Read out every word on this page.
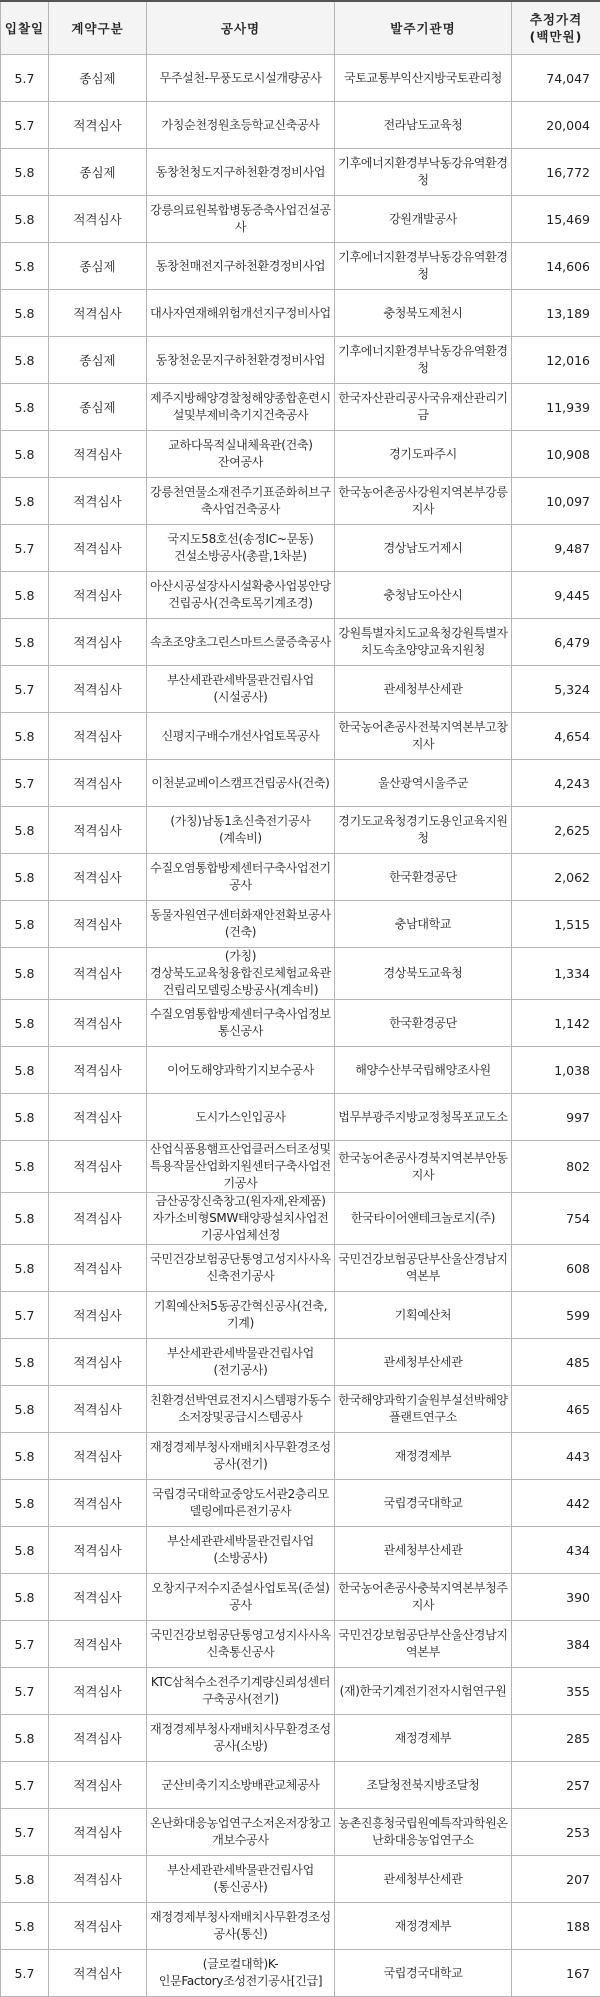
입찰일	계약구분	공사명	발주기관명	추정가격
(백만원)
5.7	종심제	무주설천-무풍도로시설개량공사	국토교통부익산지방국토관리청	74,047
5.7	적격심사	가칭순천정원초등학교신축공사	전라남도교육청	20,004
5.8	종심제	동창천청도지구하천환경정비사업	기후에너지환경부낙동강유역환경청	16,772
5.8	적격심사	강릉의료원복합병동증축사업건설공사	강원개발공사	15,469
5.8	종심제	동창천매전지구하천환경정비사업	기후에너지환경부낙동강유역환경청	14,606
5.8	적격심사	대사자연재해위험개선지구정비사업	충청북도제천시	13,189
5.8	종심제	동창천운문지구하천환경정비사업	기후에너지환경부낙동강유역환경청	12,016
5.8	종심제	제주지방해양경찰청해양종합훈련시설및부제비축기지건축공사	한국자산관리공사국유재산관리기금	11,939
5.8	적격심사	교하다목적실내체육관(건축)잔여공사	경기도파주시	10,908
5.8	적격심사	강릉천연물소재전주기표준화허브구축사업건축공사	한국농어촌공사강원지역본부강릉지사	10,097
5.7	적격심사	국지도58호선(송정IC~문동)건설소방공사(총괄,1차분)	경상남도거제시	9,487
5.8	적격심사	아산시공설장사시설확충사업봉안당건립공사(건축토목기계조경)	충청남도아산시	9,445
5.8	적격심사	속초조양초그린스마트스쿨증축공사	강원특별자치도교육청강원특별자치도속초양양교육지원청	6,479
5.7	적격심사	부산세관관세박물관건립사업(시설공사)	관세청부산세관	5,324
5.8	적격심사	신평지구배수개선사업토목공사	한국농어촌공사전북지역본부고창지사	4,654
5.7	적격심사	이천분교베이스캠프건립공사(건축)	울산광역시울주군	4,243
5.8	적격심사	(가칭)남동1초신축전기공사(계속비)	경기도교육청경기도용인교육지원청	2,625
5.8	적격심사	수질오염통합방제센터구축사업전기공사	한국환경공단	2,062
5.8	적격심사	동물자원연구센터화재안전확보공사(건축)	충남대학교	1,515
5.8	적격심사	(가칭)경상북도교육청융합진로체험교육관건립리모델링소방공사(계속비)	경상북도교육청	1,334
5.8	적격심사	수질오염통합방제센터구축사업정보통신공사	한국환경공단	1,142
5.8	적격심사	이어도해양과학기지보수공사	해양수산부국립해양조사원	1,038
5.8	적격심사	도시가스인입공사	법무부광주지방교정청목포교도소	997
5.8	적격심사	산업식품용햄프산업클러스터조성및특용작물산업화지원센터구축사업전기공사	한국농어촌공사경북지역본부안동지사	802
5.8	적격심사	금산공장신축창고(원자재,완제품)자가소비형SMW태양광설치사업전기공사업체선정	한국타이어앤테크놀로지(주)	754
5.8	적격심사	국민건강보험공단통영고성지사사옥신축전기공사	국민건강보험공단부산울산경남지역본부	608
5.7	적격심사	기획예산처5동공간혁신공사(건축,기계)	기획예산처	599
5.8	적격심사	부산세관관세박물관건립사업(전기공사)	관세청부산세관	485
5.8	적격심사	친환경선박연료전지시스템평가동수소저장및공급시스템공사	한국해양과학기술원부설선박해양플랜트연구소	465
5.8	적격심사	재정경제부청사재배치사무환경조성공사(전기)	재정경제부	443
5.8	적격심사	국립경국대학교중앙도서관2층리모델링에따른전기공사	국립경국대학교	442
5.8	적격심사	부산세관관세박물관건립사업(소방공사)	관세청부산세관	434
5.8	적격심사	오창지구저수지준설사업토목(준설)공사	한국농어촌공사충북지역본부청주지사	390
5.7	적격심사	국민건강보험공단통영고성지사사옥신축통신공사	국민건강보험공단부산울산경남지역본부	384
5.7	적격심사	KTC삼척수소전주기계량신뢰성센터구축공사(전기)	(재)한국기계전기전자시험연구원	355
5.8	적격심사	재정경제부청사재배치사무환경조성공사(소방)	재정경제부	285
5.7	적격심사	군산비축기지소방배관교체공사	조달청전북지방조달청	257
5.7	적격심사	온난화대응농업연구소저온저장창고개보수공사	농촌진흥청국립원예특작과학원온난화대응농업연구소	253
5.8	적격심사	부산세관관세박물관건립사업(통신공사)	관세청부산세관	207
5.8	적격심사	재정경제부청사재배치사무환경조성공사(통신)	재정경제부	188
5.7	적격심사	(글로컬대학)K-인문Factory조성전기공사[긴급]	국립경국대학교	167
